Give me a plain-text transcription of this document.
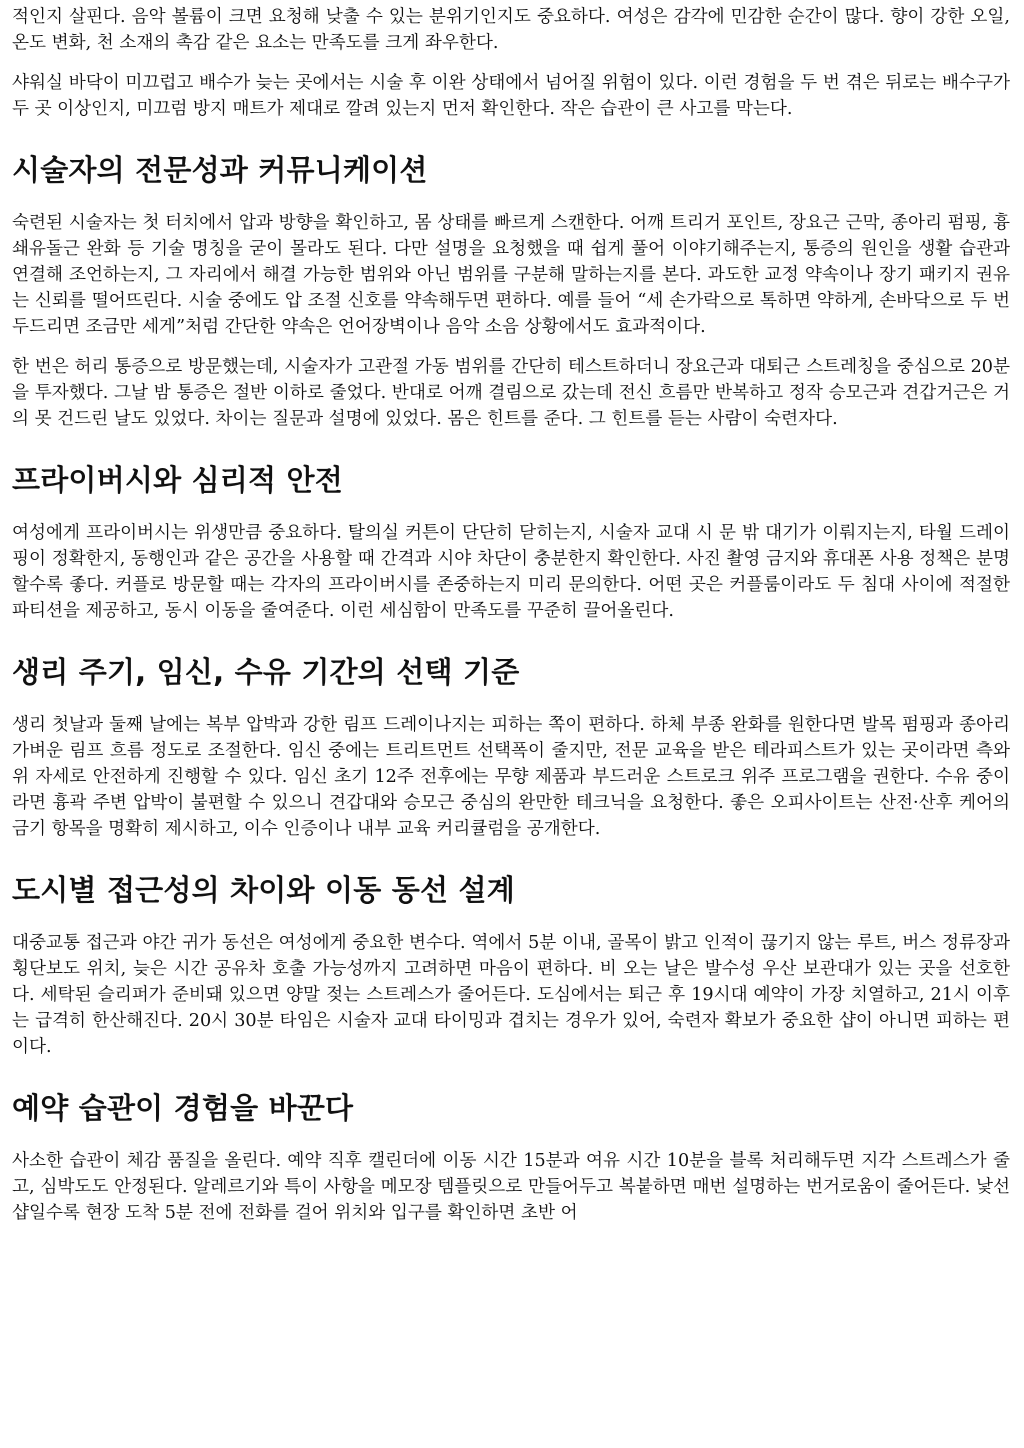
적인지 살핀다. 음악 볼륨이 크면 요청해 낮출 수 있는 분위기인지도 중요하다. 여성은 감각에 민감한 순간이 많다. 향이 강한 오일, 온도 변화, 천 소재의 촉감 같은 요소는 만족도를 크게 좌우한다.

샤워실 바닥이 미끄럽고 배수가 늦는 곳에서는 시술 후 이완 상태에서 넘어질 위험이 있다. 이런 경험을 두 번 겪은 뒤로는 배수구가 두 곳 이상인지, 미끄럼 방지 매트가 제대로 깔려 있는지 먼저 확인한다. 작은 습관이 큰 사고를 막는다.

시술자의 전문성과 커뮤니케이션

숙련된 시술자는 첫 터치에서 압과 방향을 확인하고, 몸 상태를 빠르게 스캔한다. 어깨 트리거 포인트, 장요근 근막, 종아리 펌핑, 흉쇄유돌근 완화 등 기술 명칭을 굳이 몰라도 된다. 다만 설명을 요청했을 때 쉽게 풀어 이야기해주는지, 통증의 원인을 생활 습관과 연결해 조언하는지, 그 자리에서 해결 가능한 범위와 아닌 범위를 구분해 말하는지를 본다. 과도한 교정 약속이나 장기 패키지 권유는 신뢰를 떨어뜨린다. 시술 중에도 압 조절 신호를 약속해두면 편하다. 예를 들어 “세 손가락으로 톡하면 약하게, 손바닥으로 두 번 두드리면 조금만 세게”처럼 간단한 약속은 언어장벽이나 음악 소음 상황에서도 효과적이다.

한 번은 허리 통증으로 방문했는데, 시술자가 고관절 가동 범위를 간단히 테스트하더니 장요근과 대퇴근 스트레칭을 중심으로 20분을 투자했다. 그날 밤 통증은 절반 이하로 줄었다. 반대로 어깨 결림으로 갔는데 전신 흐름만 반복하고 정작 승모근과 견갑거근은 거의 못 건드린 날도 있었다. 차이는 질문과 설명에 있었다. 몸은 힌트를 준다. 그 힌트를 듣는 사람이 숙련자다.

프라이버시와 심리적 안전

여성에게 프라이버시는 위생만큼 중요하다. 탈의실 커튼이 단단히 닫히는지, 시술자 교대 시 문 밖 대기가 이뤄지는지, 타월 드레이핑이 정확한지, 동행인과 같은 공간을 사용할 때 간격과 시야 차단이 충분한지 확인한다. 사진 촬영 금지와 휴대폰 사용 정책은 분명할수록 좋다. 커플로 방문할 때는 각자의 프라이버시를 존중하는지 미리 문의한다. 어떤 곳은 커플룸이라도 두 침대 사이에 적절한 파티션을 제공하고, 동시 이동을 줄여준다. 이런 세심함이 만족도를 꾸준히 끌어올린다.

생리 주기, 임신, 수유 기간의 선택 기준

생리 첫날과 둘째 날에는 복부 압박과 강한 림프 드레이나지는 피하는 쪽이 편하다. 하체 부종 완화를 원한다면 발목 펌핑과 종아리 가벼운 림프 흐름 정도로 조절한다. 임신 중에는 트리트먼트 선택폭이 줄지만, 전문 교육을 받은 테라피스트가 있는 곳이라면 측와위 자세로 안전하게 진행할 수 있다. 임신 초기 12주 전후에는 무향 제품과 부드러운 스트로크 위주 프로그램을 권한다. 수유 중이라면 흉곽 주변 압박이 불편할 수 있으니 견갑대와 승모근 중심의 완만한 테크닉을 요청한다. 좋은 오피사이트는 산전·산후 케어의 금기 항목을 명확히 제시하고, 이수 인증이나 내부 교육 커리큘럼을 공개한다.

도시별 접근성의 차이와 이동 동선 설계

대중교통 접근과 야간 귀가 동선은 여성에게 중요한 변수다. 역에서 5분 이내, 골목이 밝고 인적이 끊기지 않는 루트, 버스 정류장과 횡단보도 위치, 늦은 시간 공유차 호출 가능성까지 고려하면 마음이 편하다. 비 오는 날은 발수성 우산 보관대가 있는 곳을 선호한다. 세탁된 슬리퍼가 준비돼 있으면 양말 젖는 스트레스가 줄어든다. 도심에서는 퇴근 후 19시대 예약이 가장 치열하고, 21시 이후는 급격히 한산해진다. 20시 30분 타임은 시술자 교대 타이밍과 겹치는 경우가 있어, 숙련자 확보가 중요한 샵이 아니면 피하는 편이다.

예약 습관이 경험을 바꾼다

사소한 습관이 체감 품질을 올린다. 예약 직후 캘린더에 이동 시간 15분과 여유 시간 10분을 블록 처리해두면 지각 스트레스가 줄고, 심박도도 안정된다. 알레르기와 특이 사항을 메모장 템플릿으로 만들어두고 복붙하면 매번 설명하는 번거로움이 줄어든다. 낯선 샵일수록 현장 도착 5분 전에 전화를 걸어 위치와 입구를 확인하면 초반 어
